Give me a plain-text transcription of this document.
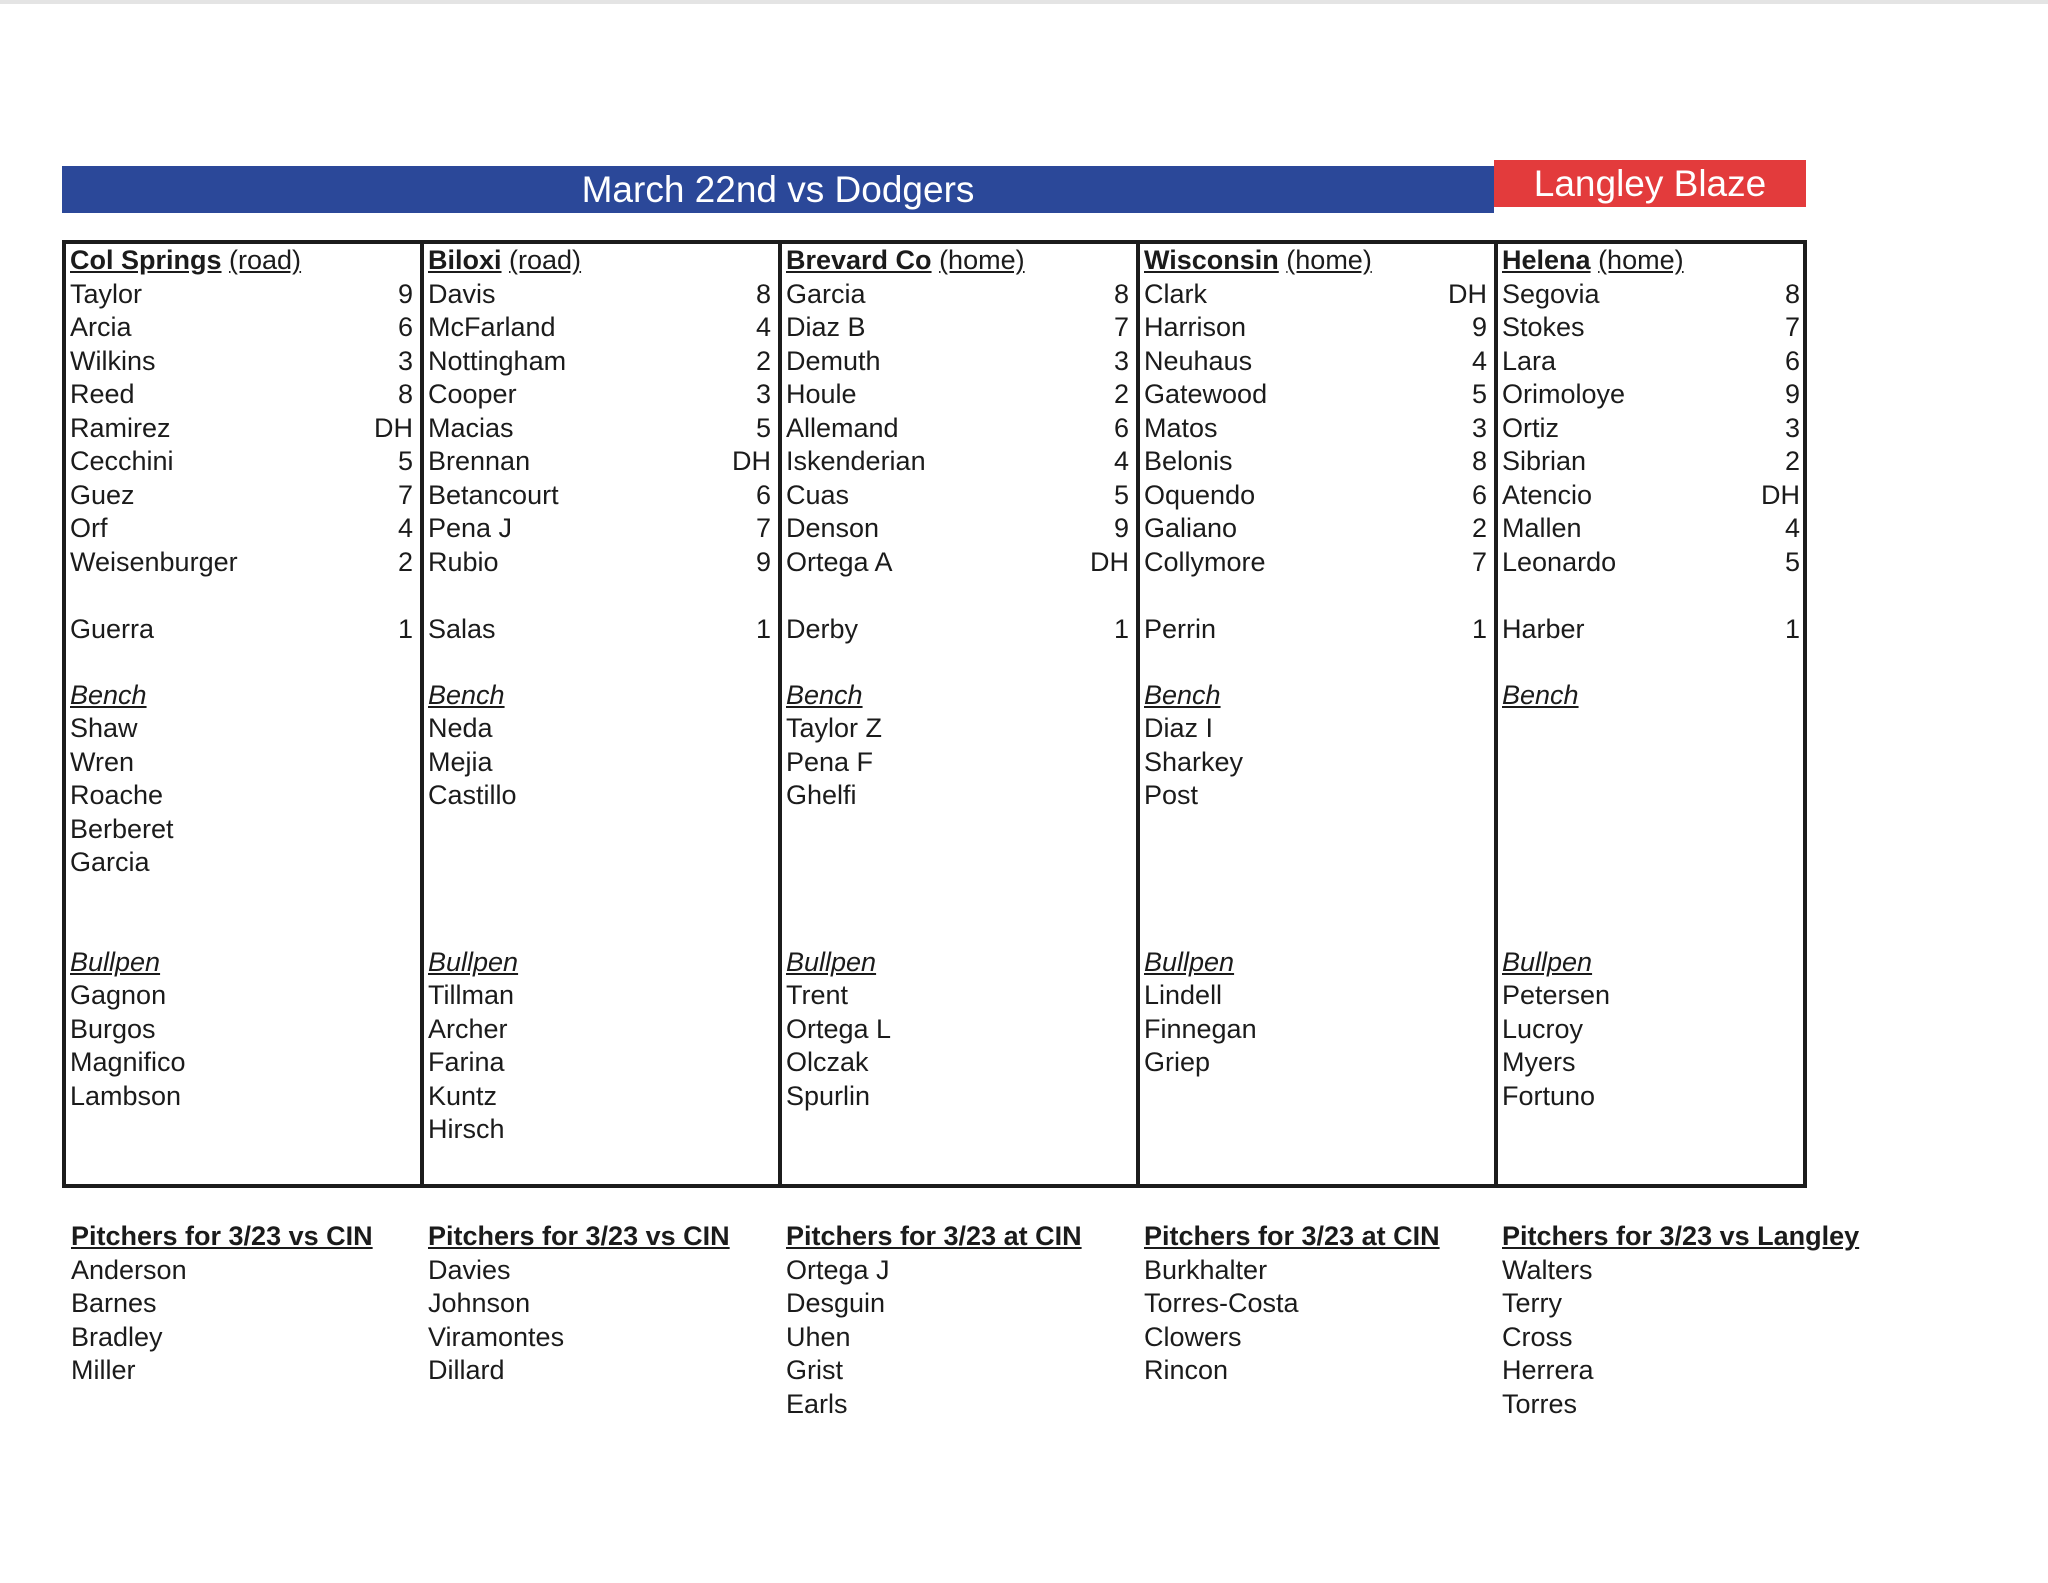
March 22nd vs Dodgers	Langley Blaze
Col Springs (road)
Taylor	9
Arcia	6
Wilkins	3
Reed	8
Ramirez	DH
Cecchini	5
Guez	7
Orf	4
Weisenburger	2
Guerra	1
Bench
Shaw
Wren
Roache
Berberet
Garcia
Bullpen
Gagnon
Burgos
Magnifico
Lambson
Biloxi (road)
Davis	8
McFarland	4
Nottingham	2
Cooper	3
Macias	5
Brennan	DH
Betancourt	6
Pena J	7
Rubio	9
Salas	1
Bench
Neda
Mejia
Castillo
Bullpen
Tillman
Archer
Farina
Kuntz
Hirsch
Brevard Co (home)
Garcia	8
Diaz B	7
Demuth	3
Houle	2
Allemand	6
Iskenderian	4
Cuas	5
Denson	9
Ortega A	DH
Derby	1
Bench
Taylor Z
Pena F
Ghelfi
Bullpen
Trent
Ortega L
Olczak
Spurlin
Wisconsin (home)
Clark	DH
Harrison	9
Neuhaus	4
Gatewood	5
Matos	3
Belonis	8
Oquendo	6
Galiano	2
Collymore	7
Perrin	1
Bench
Diaz I
Sharkey
Post
Bullpen
Lindell
Finnegan
Griep
Helena (home)
Segovia	8
Stokes	7
Lara	6
Orimoloye	9
Ortiz	3
Sibrian	2
Atencio	DH
Mallen	4
Leonardo	5
Harber	1
Bench
Bullpen
Petersen
Lucroy
Myers
Fortuno
Pitchers for 3/23 vs CIN
Anderson
Barnes
Bradley
Miller
Pitchers for 3/23 vs CIN
Davies
Johnson
Viramontes
Dillard
Pitchers for 3/23 at CIN
Ortega J
Desguin
Uhen
Grist
Earls
Pitchers for 3/23 at CIN
Burkhalter
Torres-Costa
Clowers
Rincon
Pitchers for 3/23 vs Langley
Walters
Terry
Cross
Herrera
Torres
